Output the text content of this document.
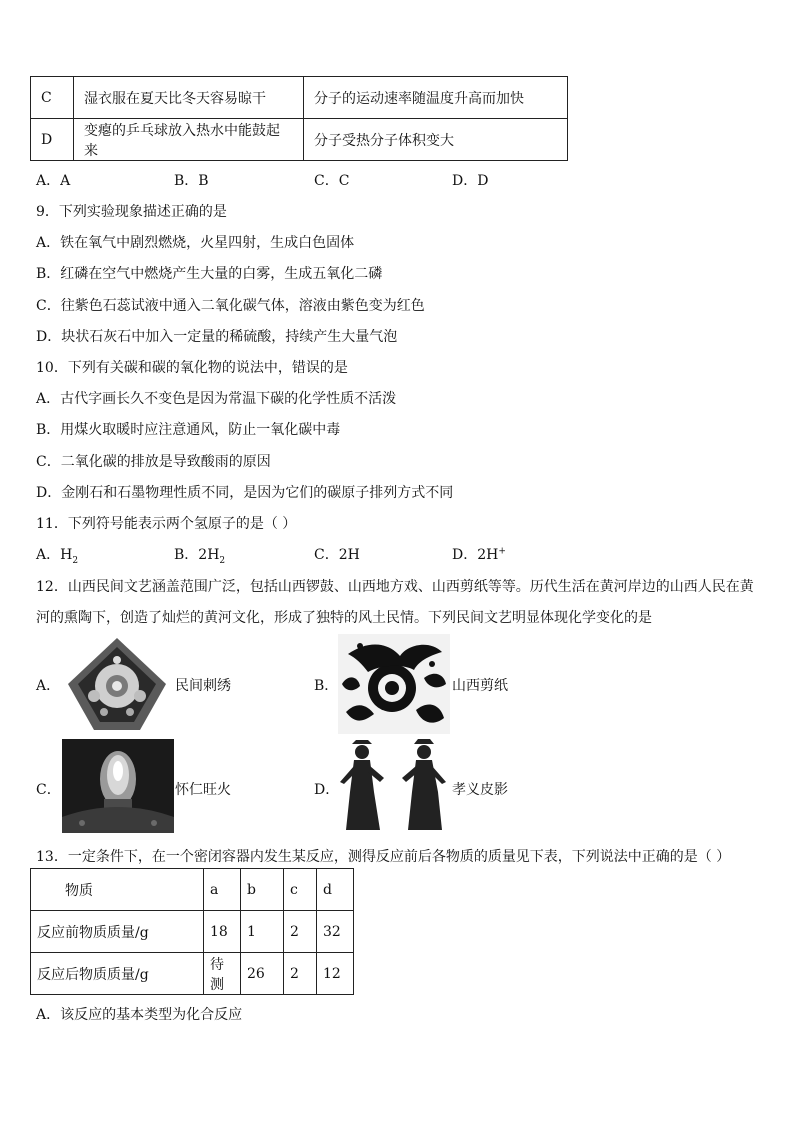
C	湿衣服在夏天比冬天容易晾干	分子的运动速率随温度升高而加快
D	变瘪的乒乓球放入热水中能鼓起来	分子受热分子体积变大
A．A	B．B	C．C	D．D
9．下列实验现象描述正确的是
A．铁在氧气中剧烈燃烧，火星四射，生成白色固体
B．红磷在空气中燃烧产生大量的白雾，生成五氧化二磷
C．往紫色石蕊试液中通入二氧化碳气体，溶液由紫色变为红色
D．块状石灰石中加入一定量的稀硫酸，持续产生大量气泡
10．下列有关碳和碳的氧化物的说法中，错误的是
A．古代字画长久不变色是因为常温下碳的化学性质不活泼
B．用煤火取暖时应注意通风，防止一氧化碳中毒
C．二氧化碳的排放是导致酸雨的原因
D．金刚石和石墨物理性质不同，是因为它们的碳原子排列方式不同
11．下列符号能表示两个氢原子的是（ ）
A．$H_2$	B．$2H_2$	C．2H	D．2H+
12．山西民间文艺涵盖范围广泛，包括山西锣鼓、山西地方戏、山西剪纸等等。历代生活在黄河岸边的山西人民在黄
河的熏陶下，创造了灿烂的黄河文化，形成了独特的风土民情。下列民间文艺明显体现化学变化的是
A．	民间刺绣	B．	山西剪纸
C．	怀仁旺火	D．	孝义皮影
13．一定条件下，在一个密闭容器内发生某反应，测得反应前后各物质的质量见下表，下列说法中正确的是（ ）
物质	a	b	c	d
反应前物质质量/g	18	1	2	32
反应后物质质量/g	待测	26	2	12
A．该反应的基本类型为化合反应
